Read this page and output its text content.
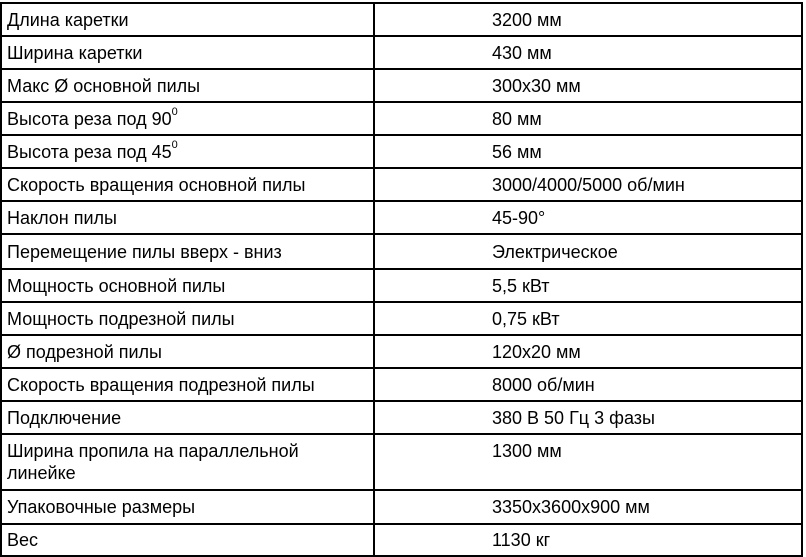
Длина каретки	3200 мм
Ширина каретки	430 мм
Макс Ø основной пилы	300x30 мм
Высота реза под $90^0$	80 мм
Высота реза под $45^0$	56 мм
Скорость вращения основной пилы	3000/4000/5000 об/мин
Наклон пилы	45-90°
Перемещение пилы вверх - вниз	Электрическое
Мощность основной пилы	5,5 кВт
Мощность подрезной пилы	0,75 кВт
Ø подрезной пилы	120x20 мм
Скорость вращения подрезной пилы	8000 об/мин
Подключение	380 В 50 Гц 3 фазы
Ширина пропила на параллельной линейке	1300 мм
Упаковочные размеры	3350x3600x900 мм
Вес	1130 кг
